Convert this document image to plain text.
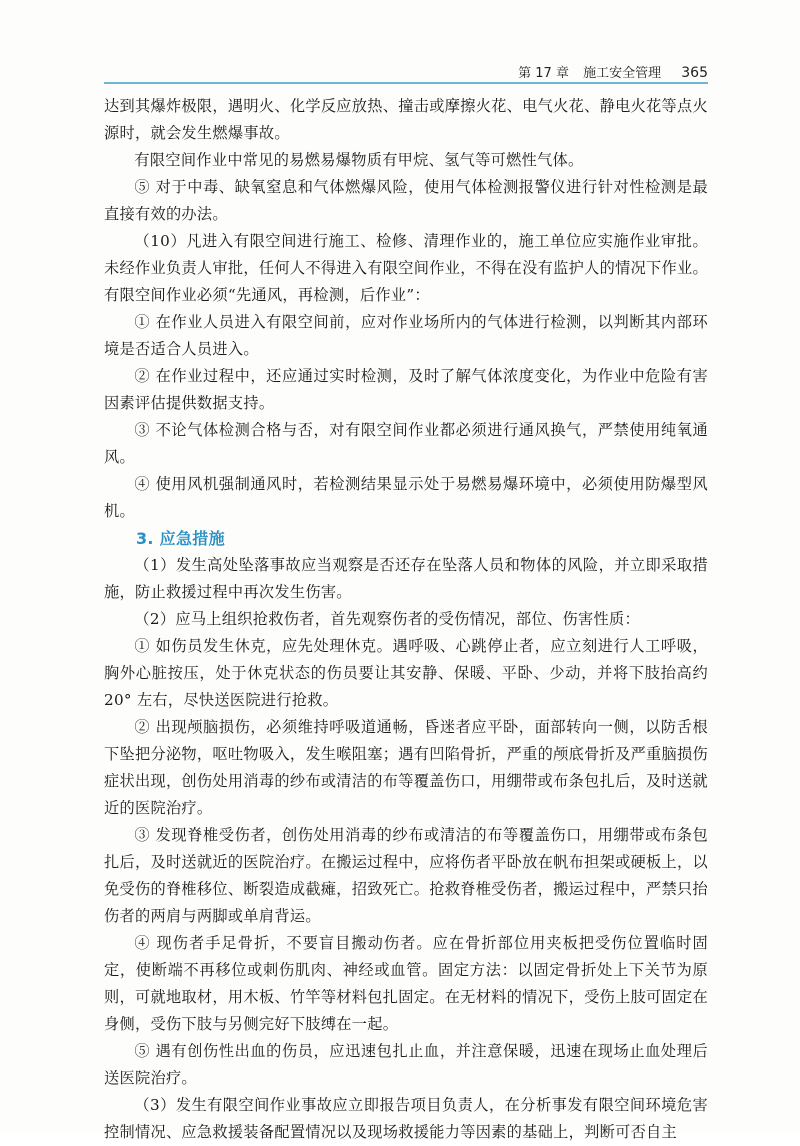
第 17 章 施工安全管理 365

达到其爆炸极限，遇明火、化学反应放热、撞击或摩擦火花、电气火花、静电火花等点火源时，就会发生燃爆事故。

有限空间作业中常见的易燃易爆物质有甲烷、氢气等可燃性气体。

⑤ 对于中毒、缺氧窒息和气体燃爆风险，使用气体检测报警仪进行针对性检测是最直接有效的办法。

（10）凡进入有限空间进行施工、检修、清理作业的，施工单位应实施作业审批。未经作业负责人审批，任何人不得进入有限空间作业，不得在没有监护人的情况下作业。有限空间作业必须“先通风，再检测，后作业”：

① 在作业人员进入有限空间前，应对作业场所内的气体进行检测，以判断其内部环境是否适合人员进入。

② 在作业过程中，还应通过实时检测，及时了解气体浓度变化，为作业中危险有害因素评估提供数据支持。

③ 不论气体检测合格与否，对有限空间作业都必须进行通风换气，严禁使用纯氧通风。

④ 使用风机强制通风时，若检测结果显示处于易燃易爆环境中，必须使用防爆型风机。

3. 应急措施

（1）发生高处坠落事故应当观察是否还存在坠落人员和物体的风险，并立即采取措施，防止救援过程中再次发生伤害。

（2）应马上组织抢救伤者，首先观察伤者的受伤情况，部位、伤害性质：

① 如伤员发生休克，应先处理休克。遇呼吸、心跳停止者，应立刻进行人工呼吸，胸外心脏按压，处于休克状态的伤员要让其安静、保暖、平卧、少动，并将下肢抬高约 20° 左右，尽快送医院进行抢救。

② 出现颅脑损伤，必须维持呼吸道通畅，昏迷者应平卧，面部转向一侧，以防舌根下坠把分泌物，呕吐物吸入，发生喉阻塞；遇有凹陷骨折，严重的颅底骨折及严重脑损伤症状出现，创伤处用消毒的纱布或清洁的布等覆盖伤口，用绷带或布条包扎后，及时送就近的医院治疗。

③ 发现脊椎受伤者，创伤处用消毒的纱布或清洁的布等覆盖伤口，用绷带或布条包扎后，及时送就近的医院治疗。在搬运过程中，应将伤者平卧放在帆布担架或硬板上，以免受伤的脊椎移位、断裂造成截瘫，招致死亡。抢救脊椎受伤者，搬运过程中，严禁只抬伤者的两肩与两脚或单肩背运。

④ 现伤者手足骨折，不要盲目搬动伤者。应在骨折部位用夹板把受伤位置临时固定，使断端不再移位或刺伤肌肉、神经或血管。固定方法：以固定骨折处上下关节为原则，可就地取材，用木板、竹竿等材料包扎固定。在无材料的情况下，受伤上肢可固定在身侧，受伤下肢与另侧完好下肢缚在一起。

⑤ 遇有创伤性出血的伤员，应迅速包扎止血，并注意保暖，迅速在现场止血处理后送医院治疗。

（3）发生有限空间作业事故应立即报告项目负责人，在分析事发有限空间环境危害控制情况、应急救援装备配置情况以及现场救援能力等因素的基础上，判断可否自主
